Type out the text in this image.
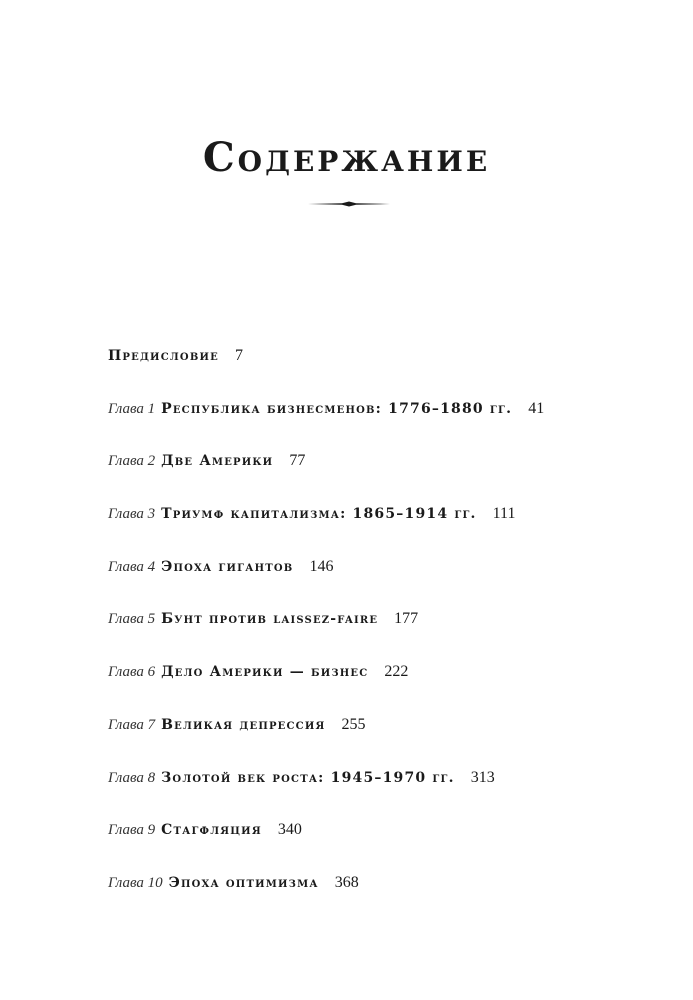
Содержание
Предисловие 7
Глава 1 Республика бизнесменов: 1776–1880 гг. 41
Глава 2 Две Америки 77
Глава 3 Триумф капитализма: 1865–1914 гг. 111
Глава 4 Эпоха гигантов 146
Глава 5 Бунт против laissez-faire 177
Глава 6 Дело Америки — бизнес 222
Глава 7 Великая депрессия 255
Глава 8 Золотой век роста: 1945–1970 гг. 313
Глава 9 Стагфляция 340
Глава 10 Эпоха оптимизма 368
